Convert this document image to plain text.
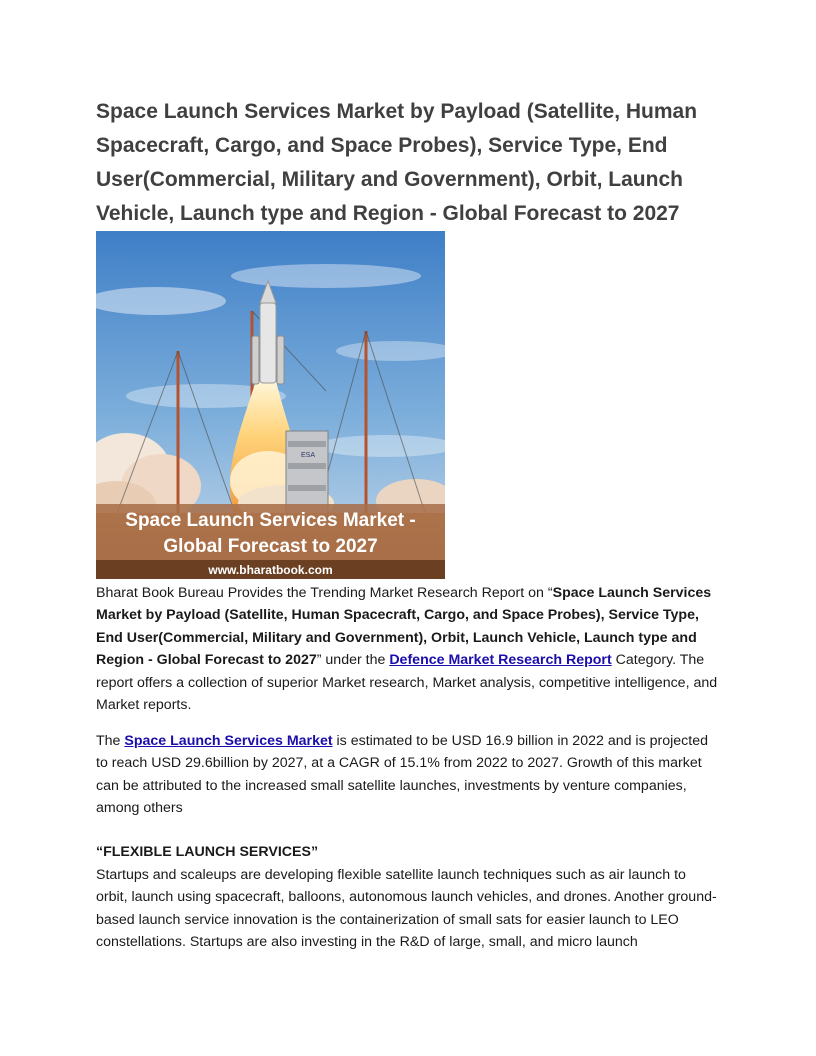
Space Launch Services Market by Payload (Satellite, Human Spacecraft, Cargo, and Space Probes), Service Type, End User(Commercial, Military and Government), Orbit, Launch Vehicle, Launch type and Region - Global Forecast to 2027
ESA
Space Launch Services Market -
Global Forecast to 2027
www.bharatbook.com

Bharat Book Bureau Provides the Trending Market Research Report on “Space Launch Services Market by Payload (Satellite, Human Spacecraft, Cargo, and Space Probes), Service Type, End User(Commercial, Military and Government), Orbit, Launch Vehicle, Launch type and Region - Global Forecast to 2027” under the Defence Market Research Report Category. The report offers a collection of superior Market research, Market analysis, competitive intelligence, and Market reports.

The Space Launch Services Market is estimated to be USD 16.9 billion in 2022 and is projected to reach USD 29.6billion by 2027, at a CAGR of 15.1% from 2022 to 2027. Growth of this market can be attributed to the increased small satellite launches, investments by venture companies, among others

“FLEXIBLE LAUNCH SERVICES”

Startups and scaleups are developing flexible satellite launch techniques such as air launch to orbit, launch using spacecraft, balloons, autonomous launch vehicles, and drones. Another ground-based launch service innovation is the containerization of small sats for easier launch to LEO constellations. Startups are also investing in the R&D of large, small, and micro launch
